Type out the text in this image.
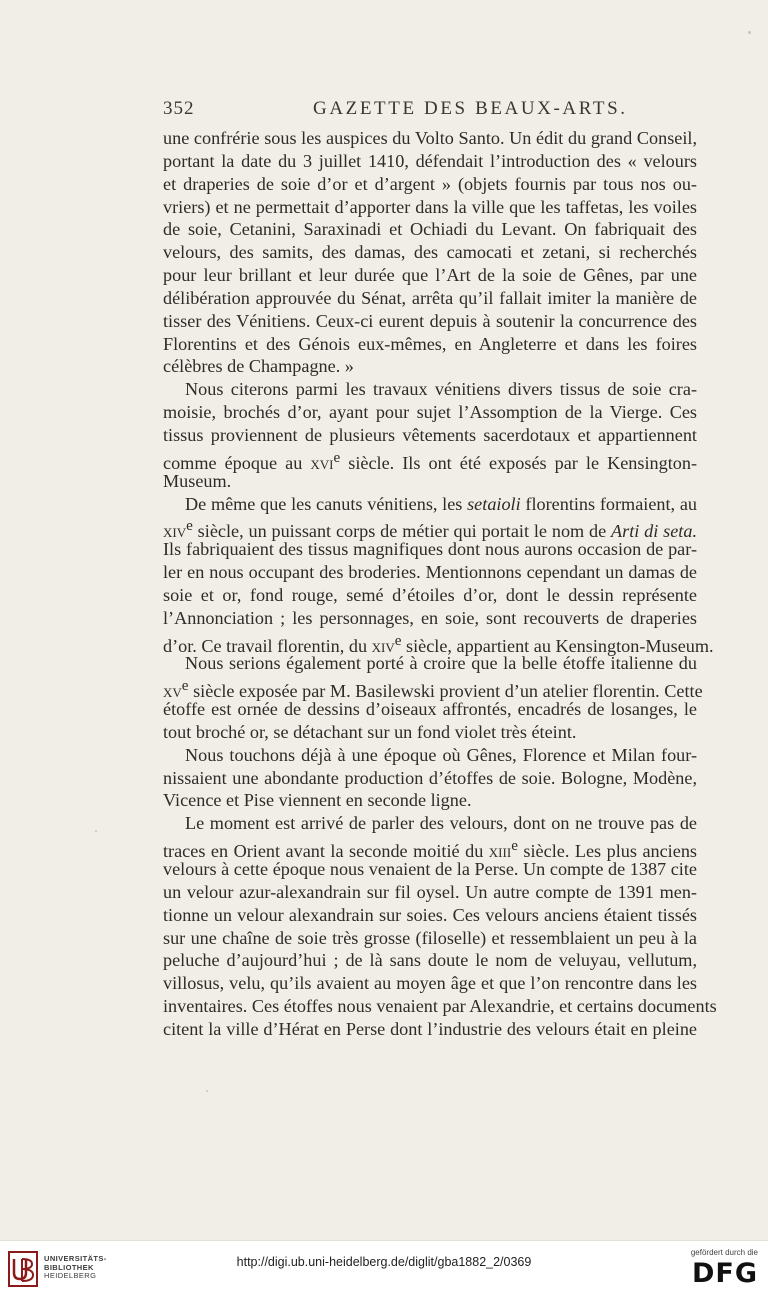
352	GAZETTE DES BEAUX-ARTS.
une confrérie sous les auspices du Volto Santo. Un édit du grand Conseil,
portant la date du 3 juillet 1410, défendait l’introduction des « velours
et draperies de soie d’or et d’argent » (objets fournis par tous nos ou-
vriers) et ne permettait d’apporter dans la ville que les taffetas, les voiles
de soie, Cetanini, Saraxinadi et Ochiadi du Levant. On fabriquait des
velours, des samits, des damas, des camocati et zetani, si recherchés
pour leur brillant et leur durée que l’Art de la soie de Gênes, par une
délibération approuvée du Sénat, arrêta qu’il fallait imiter la manière de
tisser des Vénitiens. Ceux-ci eurent depuis à soutenir la concurrence des
Florentins et des Génois eux-mêmes, en Angleterre et dans les foires
célèbres de Champagne. »
Nous citerons parmi les travaux vénitiens divers tissus de soie cra-
moisie, brochés d’or, ayant pour sujet l’Assomption de la Vierge. Ces
tissus proviennent de plusieurs vêtements sacerdotaux et appartiennent
comme époque au xvi$^e$ siècle. Ils ont été exposés par le Kensington-
Museum.
De même que les canuts vénitiens, les setaioli florentins formaient, au
xiv$^e$ siècle, un puissant corps de métier qui portait le nom de Arti di seta.
Ils fabriquaient des tissus magnifiques dont nous aurons occasion de par-
ler en nous occupant des broderies. Mentionnons cependant un damas de
soie et or, fond rouge, semé d’étoiles d’or, dont le dessin représente
l’Annonciation ; les personnages, en soie, sont recouverts de draperies
d’or. Ce travail florentin, du xiv$^e$ siècle, appartient au Kensington-Museum.
Nous serions également porté à croire que la belle étoffe italienne du
$xv^e$ siècle exposée par M. Basilewski provient d’un atelier florentin. Cette
étoffe est ornée de dessins d’oiseaux affrontés, encadrés de losanges, le
tout broché or, se détachant sur un fond violet très éteint.
Nous touchons déjà à une époque où Gênes, Florence et Milan four-
nissaient une abondante production d’étoffes de soie. Bologne, Modène,
Vicence et Pise viennent en seconde ligne.
Le moment est arrivé de parler des velours, dont on ne trouve pas de
traces en Orient avant la seconde moitié du xiii$^e$ siècle. Les plus anciens
velours à cette époque nous venaient de la Perse. Un compte de 1387 cite
un velour azur-alexandrain sur fil oysel. Un autre compte de 1391 men-
tionne un velour alexandrain sur soies. Ces velours anciens étaient tissés
sur une chaîne de soie très grosse (filoselle) et ressemblaient un peu à la
peluche d’aujourd’hui ; de là sans doute le nom de veluyau, vellutum,
villosus, velu, qu’ils avaient au moyen âge et que l’on rencontre dans les
inventaires. Ces étoffes nous venaient par Alexandrie, et certains documents
citent la ville d’Hérat en Perse dont l’industrie des velours était en pleine
UNIVERSITÄTS-
BIBLIOTHEK
HEIDELBERG
http://digi.ub.uni-heidelberg.de/diglit/gba1882_2/0369
gefördert durch die
DFG
